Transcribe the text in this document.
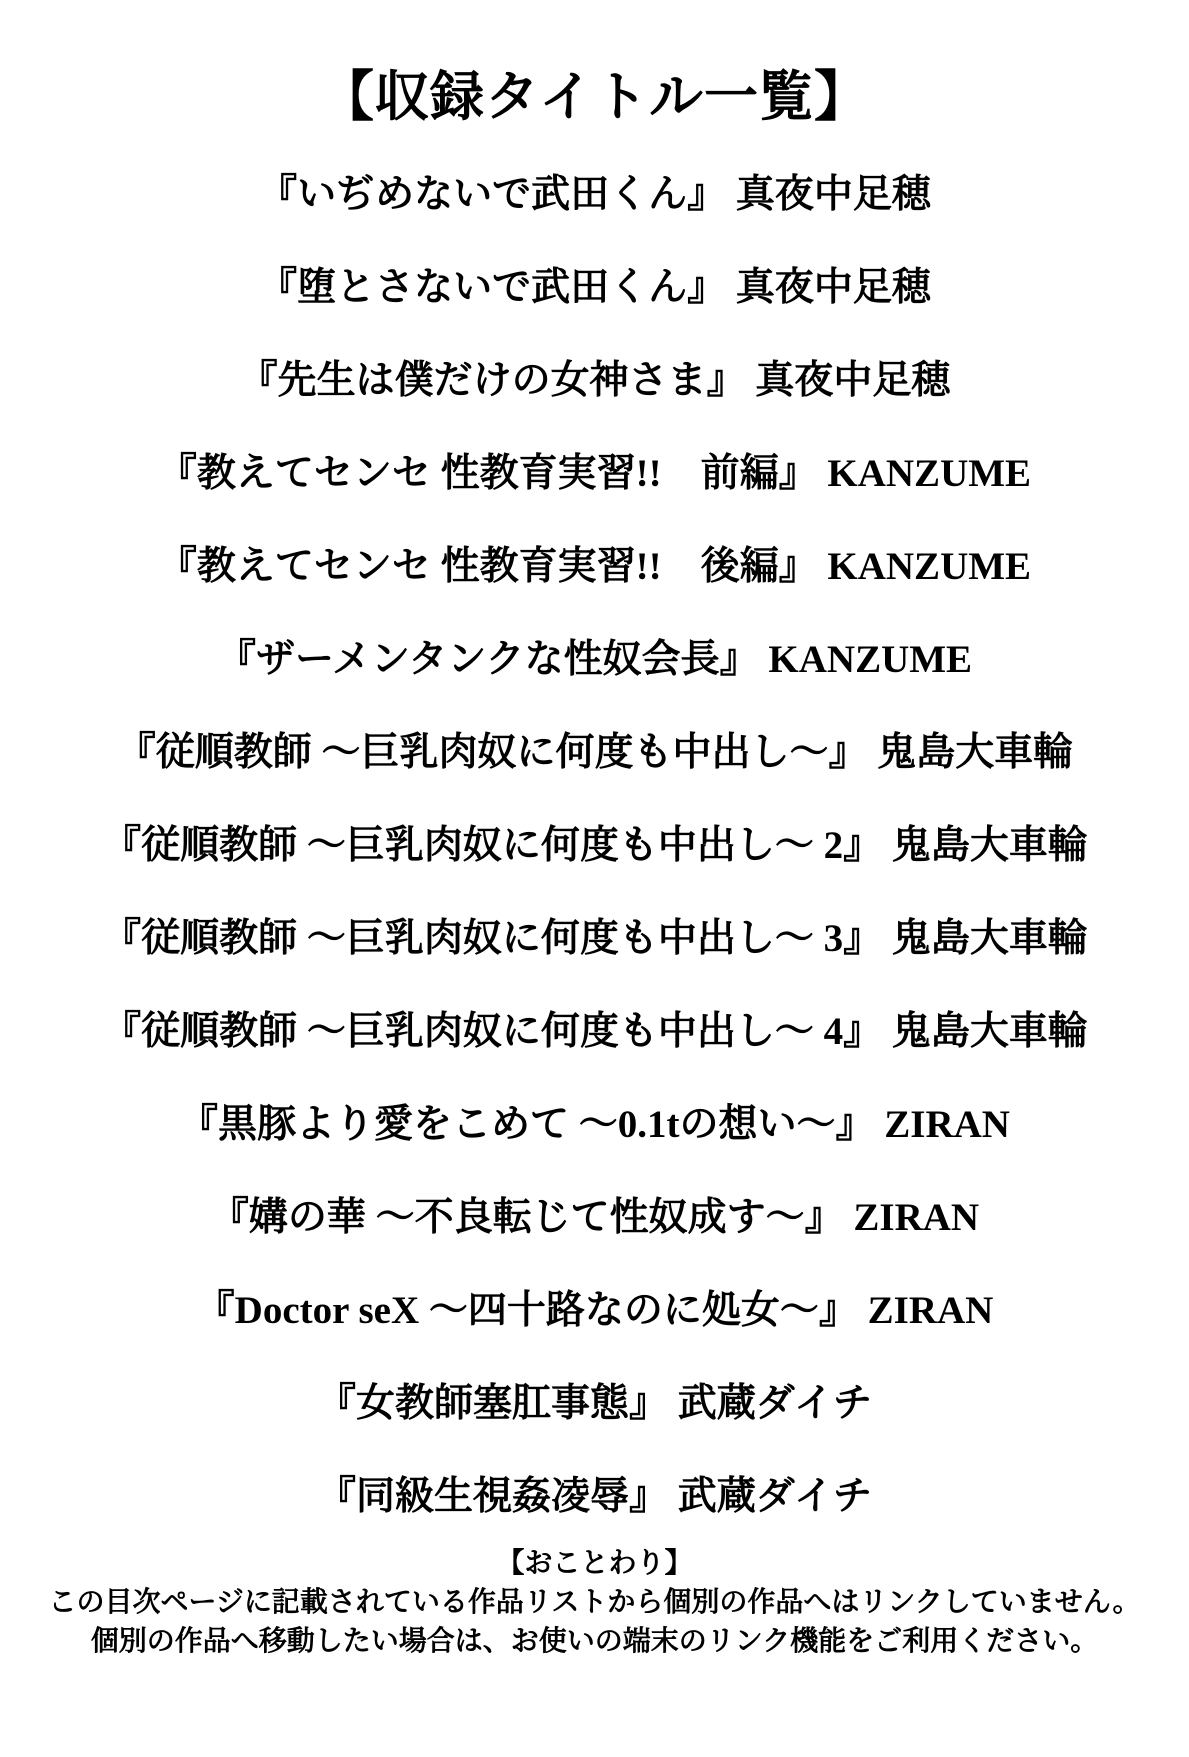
【収録タイトル一覧】
『いぢめないで武田くん』 真夜中足穂
『堕とさないで武田くん』 真夜中足穂
『先生は僕だけの女神さま』 真夜中足穂
『教えてセンセ 性教育実習!!　前編』 KANZUME
『教えてセンセ 性教育実習!!　後編』 KANZUME
『ザーメンタンクな性奴会長』 KANZUME
『従順教師 ～巨乳肉奴に何度も中出し～』 鬼島大車輪
『従順教師 ～巨乳肉奴に何度も中出し～ 2』 鬼島大車輪
『従順教師 ～巨乳肉奴に何度も中出し～ 3』 鬼島大車輪
『従順教師 ～巨乳肉奴に何度も中出し～ 4』 鬼島大車輪
『黒豚より愛をこめて ～0.1tの想い～』 ZIRAN
『媾の華 ～不良転じて性奴成す～』 ZIRAN
『Doctor seX ～四十路なのに処女～』 ZIRAN
『女教師塞肛事態』 武蔵ダイチ
『同級生視姦凌辱』 武蔵ダイチ
【おことわり】
この目次ページに記載されている作品リストから個別の作品へはリンクしていません。
個別の作品へ移動したい場合は、お使いの端末のリンク機能をご利用ください。
